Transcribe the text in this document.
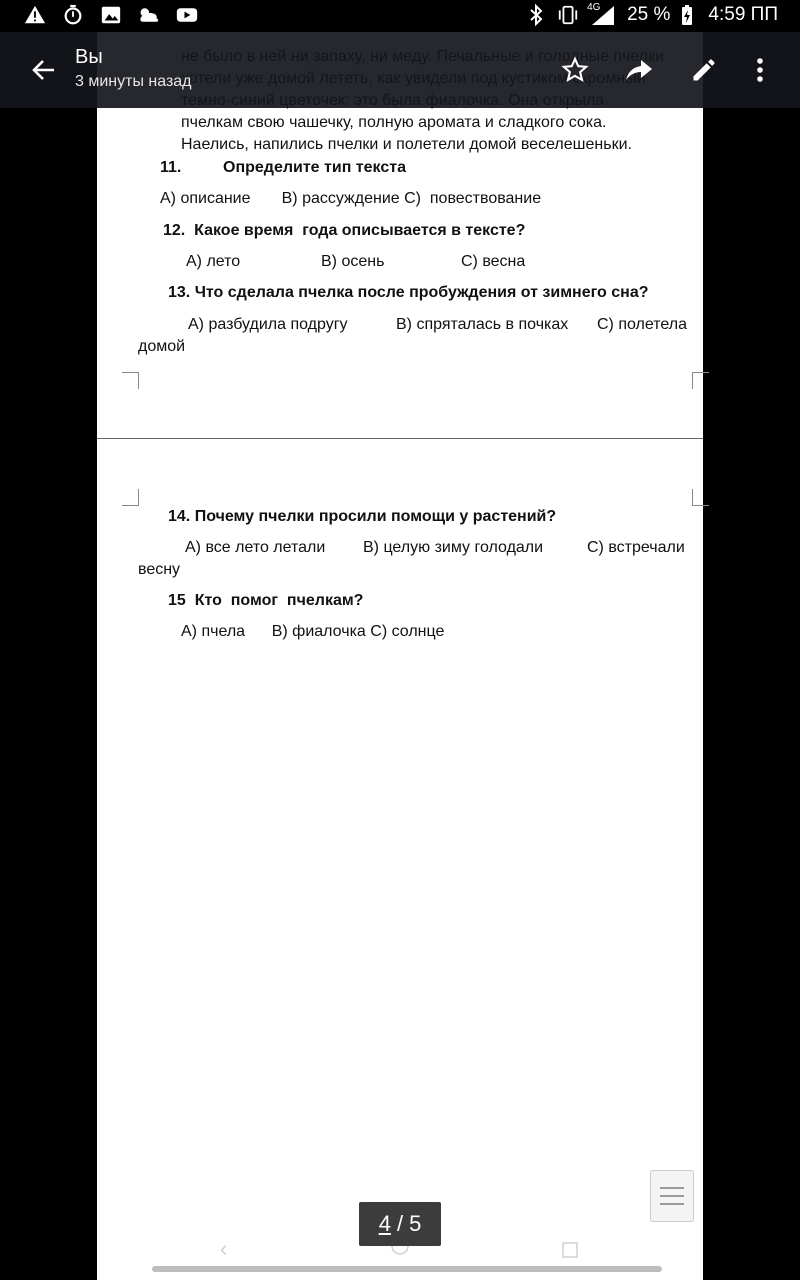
4G 25 % 4:59 ПП
пчелкам свою чашечку, полную аромата и сладкого сока.
Наелись, напились пчелки и полетели домой веселешеньки.
11.	Определите тип текста
А) описание       В) рассуждение С)  повествование
12.  Какое время  года описывается в тексте?
А) лето	В) осень	С) весна
13. Что сделала пчелка после пробуждения от зимнего сна?
А) разбудила подругу	В) спряталась в почках С) полетела
домой
14. Почему пчелки просили помощи у растений?
А) все лето летали В) целую зиму голодали	С) встречали
весну
15  Кто  помог  пчелкам?
А) пчела      В) фиалочка С) солнце
Вы
3 минуты назад
4 / 5
‹
